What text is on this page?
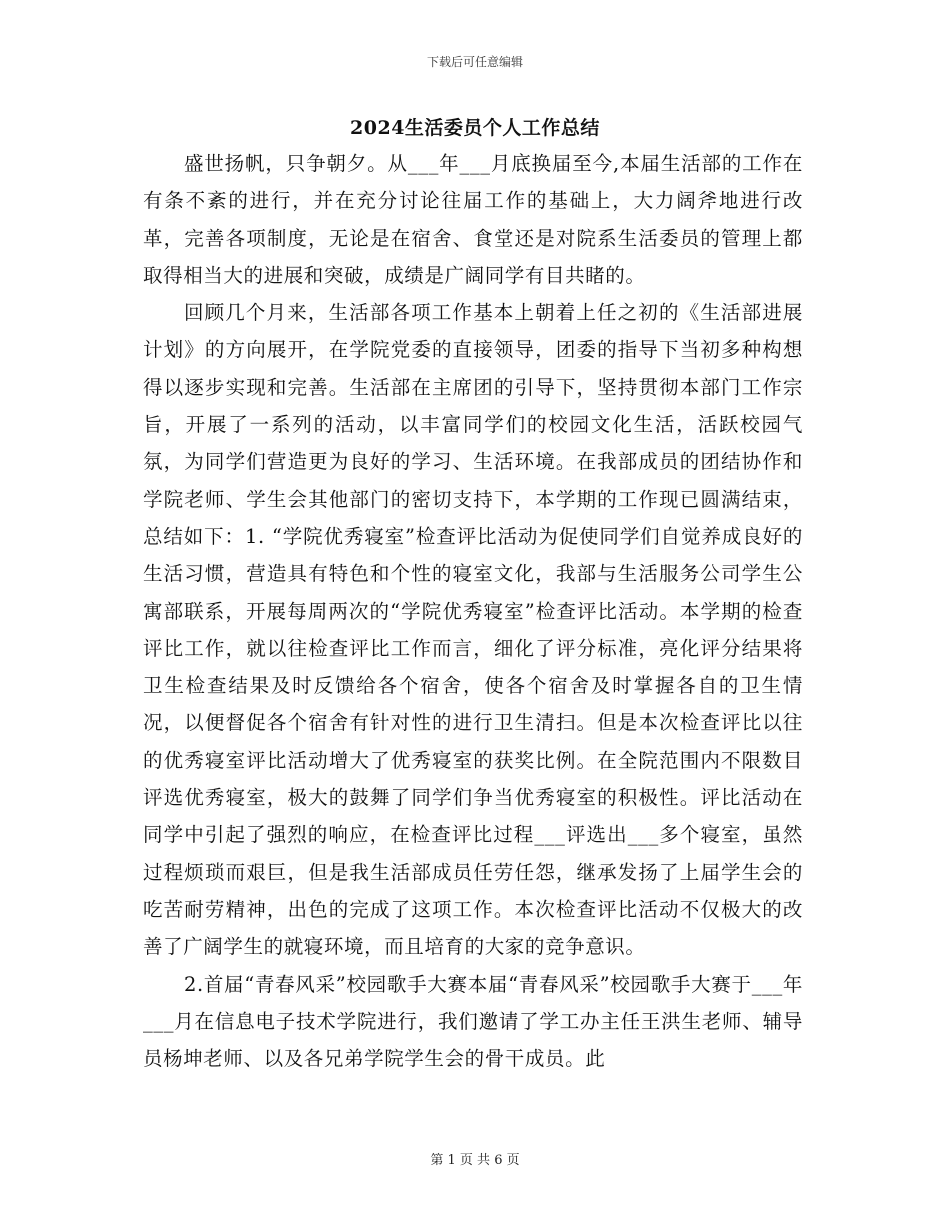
下载后可任意编辑
2024生活委员个人工作总结

盛世扬帆，只争朝夕。从___年___月底换届至今,本届生活部的工作在有条不紊的进行，并在充分讨论往届工作的基础上，大力阔斧地进行改革，完善各项制度，无论是在宿舍、食堂还是对院系生活委员的管理上都取得相当大的进展和突破，成绩是广阔同学有目共睹的。

回顾几个月来，生活部各项工作基本上朝着上任之初的《生活部进展计划》的方向展开，在学院党委的直接领导，团委的指导下当初多种构想得以逐步实现和完善。生活部在主席团的引导下，坚持贯彻本部门工作宗旨，开展了一系列的活动，以丰富同学们的校园文化生活，活跃校园气氛，为同学们营造更为良好的学习、生活环境。在我部成员的团结协作和学院老师、学生会其他部门的密切支持下，本学期的工作现已圆满结束，总结如下：1. “学院优秀寝室”检查评比活动为促使同学们自觉养成良好的生活习惯，营造具有特色和个性的寝室文化，我部与生活服务公司学生公寓部联系，开展每周两次的“学院优秀寝室”检查评比活动。本学期的检查评比工作，就以往检查评比工作而言，细化了评分标准，亮化评分结果将卫生检查结果及时反馈给各个宿舍，使各个宿舍及时掌握各自的卫生情况，以便督促各个宿舍有针对性的进行卫生清扫。但是本次检查评比以往的优秀寝室评比活动增大了优秀寝室的获奖比例。在全院范围内不限数目评选优秀寝室，极大的鼓舞了同学们争当优秀寝室的积极性。评比活动在同学中引起了强烈的响应，在检查评比过程___评选出___多个寝室，虽然过程烦琐而艰巨，但是我生活部成员任劳任怨，继承发扬了上届学生会的吃苦耐劳精神，出色的完成了这项工作。本次检查评比活动不仅极大的改善了广阔学生的就寝环境，而且培育的大家的竞争意识。

2.首届“青春风采”校园歌手大赛本届“青春风采”校园歌手大赛于___年___月在信息电子技术学院进行，我们邀请了学工办主任王洪生老师、辅导员杨坤老师、以及各兄弟学院学生会的骨干成员。此

第 1 页 共 6 页
